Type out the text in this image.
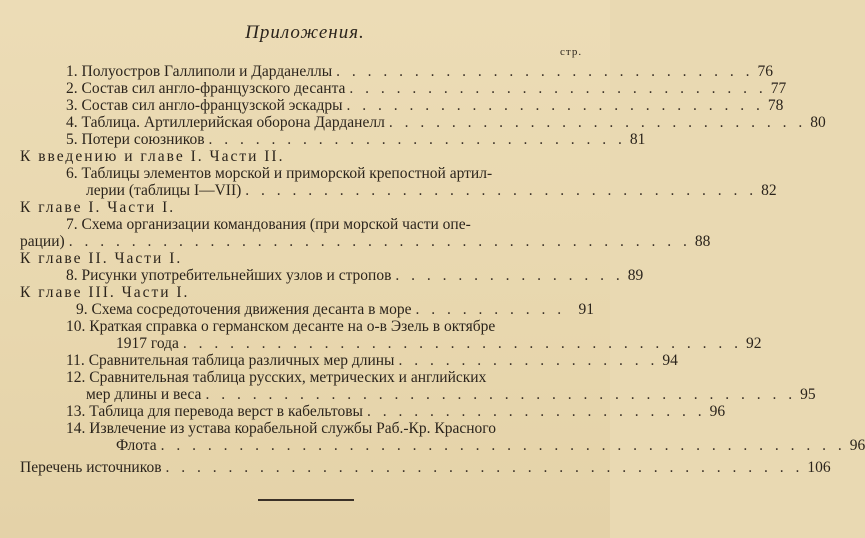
Приложения.
стр.
1. Полуостров Галлиполи и Дарданеллы . . . . . . . . . . . . . . . . . . . . . . . . . . . 76
2. Состав сил англо-французского десанта . . . . . . . . . . . . . . . . . . . . . . . . . . . 77
3. Состав сил англо-французской эскадры . . . . . . . . . . . . . . . . . . . . . . . . . . . 78
4. Таблица. Артиллерийская оборона Дарданелл . . . . . . . . . . . . . . . . . . . . . . . . . . . 80
5. Потери союзников . . . . . . . . . . . . . . . . . . . . . . . . . . . 81
К введению и главе I. Части II.
6. Таблицы элементов морской и приморской крепостной артил-
лерии (таблицы I—VII) . . . . . . . . . . . . . . . . . . . . . . . . . . . . . . . . . 82
К главе I. Части I.
7. Схема организации командования (при морской части опе-
рации) . . . . . . . . . . . . . . . . . . . . . . . . . . . . . . . . . . . . . . . . 88
К главе II. Части I.
8. Рисунки употребительнейших узлов и стропов . . . . . . . . . . . . . . . 89
К главе III. Части I.
9. Схема сосредоточения движения десанта в море . . . . . . . . . . 91
10. Краткая справка о германском десанте на о-в Эзель в октябре
1917 года . . . . . . . . . . . . . . . . . . . . . . . . . . . . . . . . . . . . 92
11. Сравнительная таблица различных мер длины . . . . . . . . . . . . . . . . . 94
12. Сравнительная таблица русских, метрических и английских
мер длины и веса . . . . . . . . . . . . . . . . . . . . . . . . . . . . . . . . . . . . . . 95
13. Таблица для перевода верст в кабельтовы . . . . . . . . . . . . . . . . . . . . . . 96
14. Извлечение из устава корабельной службы Раб.-Кр. Красного
Флота . . . . . . . . . . . . . . . . . . . . . . . . . . . . . . . . . . . . . . . . . . . . 96
Перечень источников . . . . . . . . . . . . . . . . . . . . . . . . . . . . . . . . . . . . . . . . . 106
